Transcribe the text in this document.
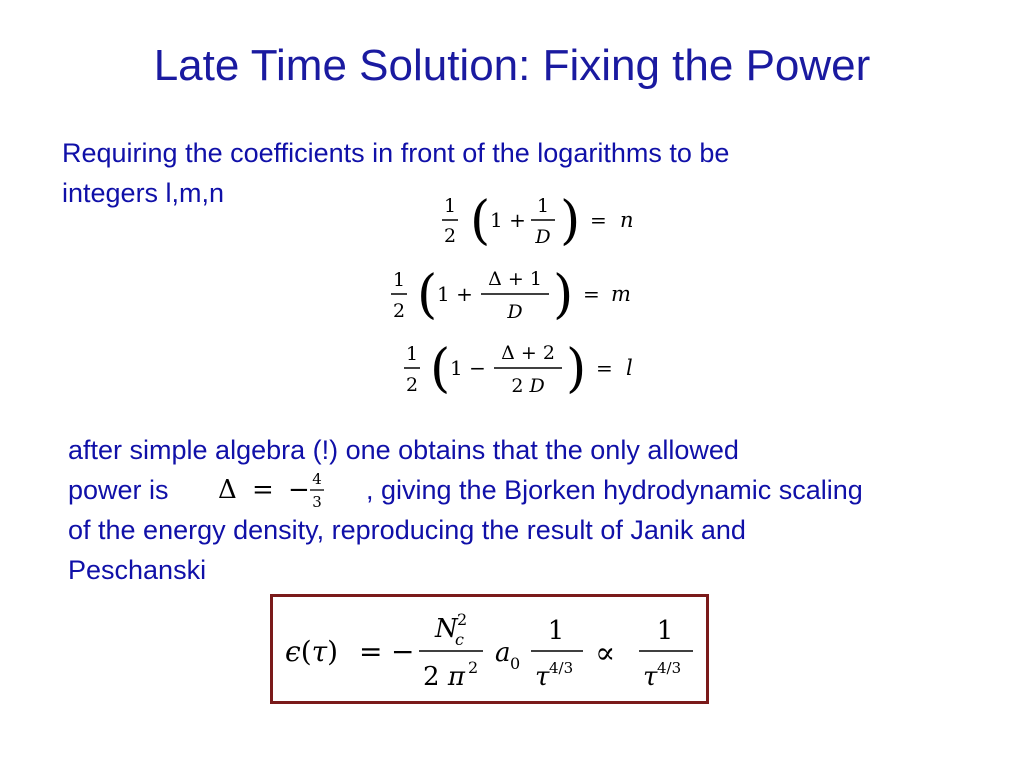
Late Time Solution: Fixing the Power
Requiring the coefficients in front of the logarithms to be
integers l,m,n	1
2 ( 1 +
1
D ) = n
1
2 ( 1 +
Δ + 1
D ) = m
1
2 ( 1 −
Δ + 2
2 D ) = l
after simple algebra (!) one obtains that the only allowed
power is Δ = − 4
3 , giving the Bjorken hydrodynamic scaling
of the energy density, reproducing the result of Janik and
Peschanski
ϵ(τ) = −
N
c
2
2 π 2 a 0
1
τ 4/3 ∝
1
τ 4/3
